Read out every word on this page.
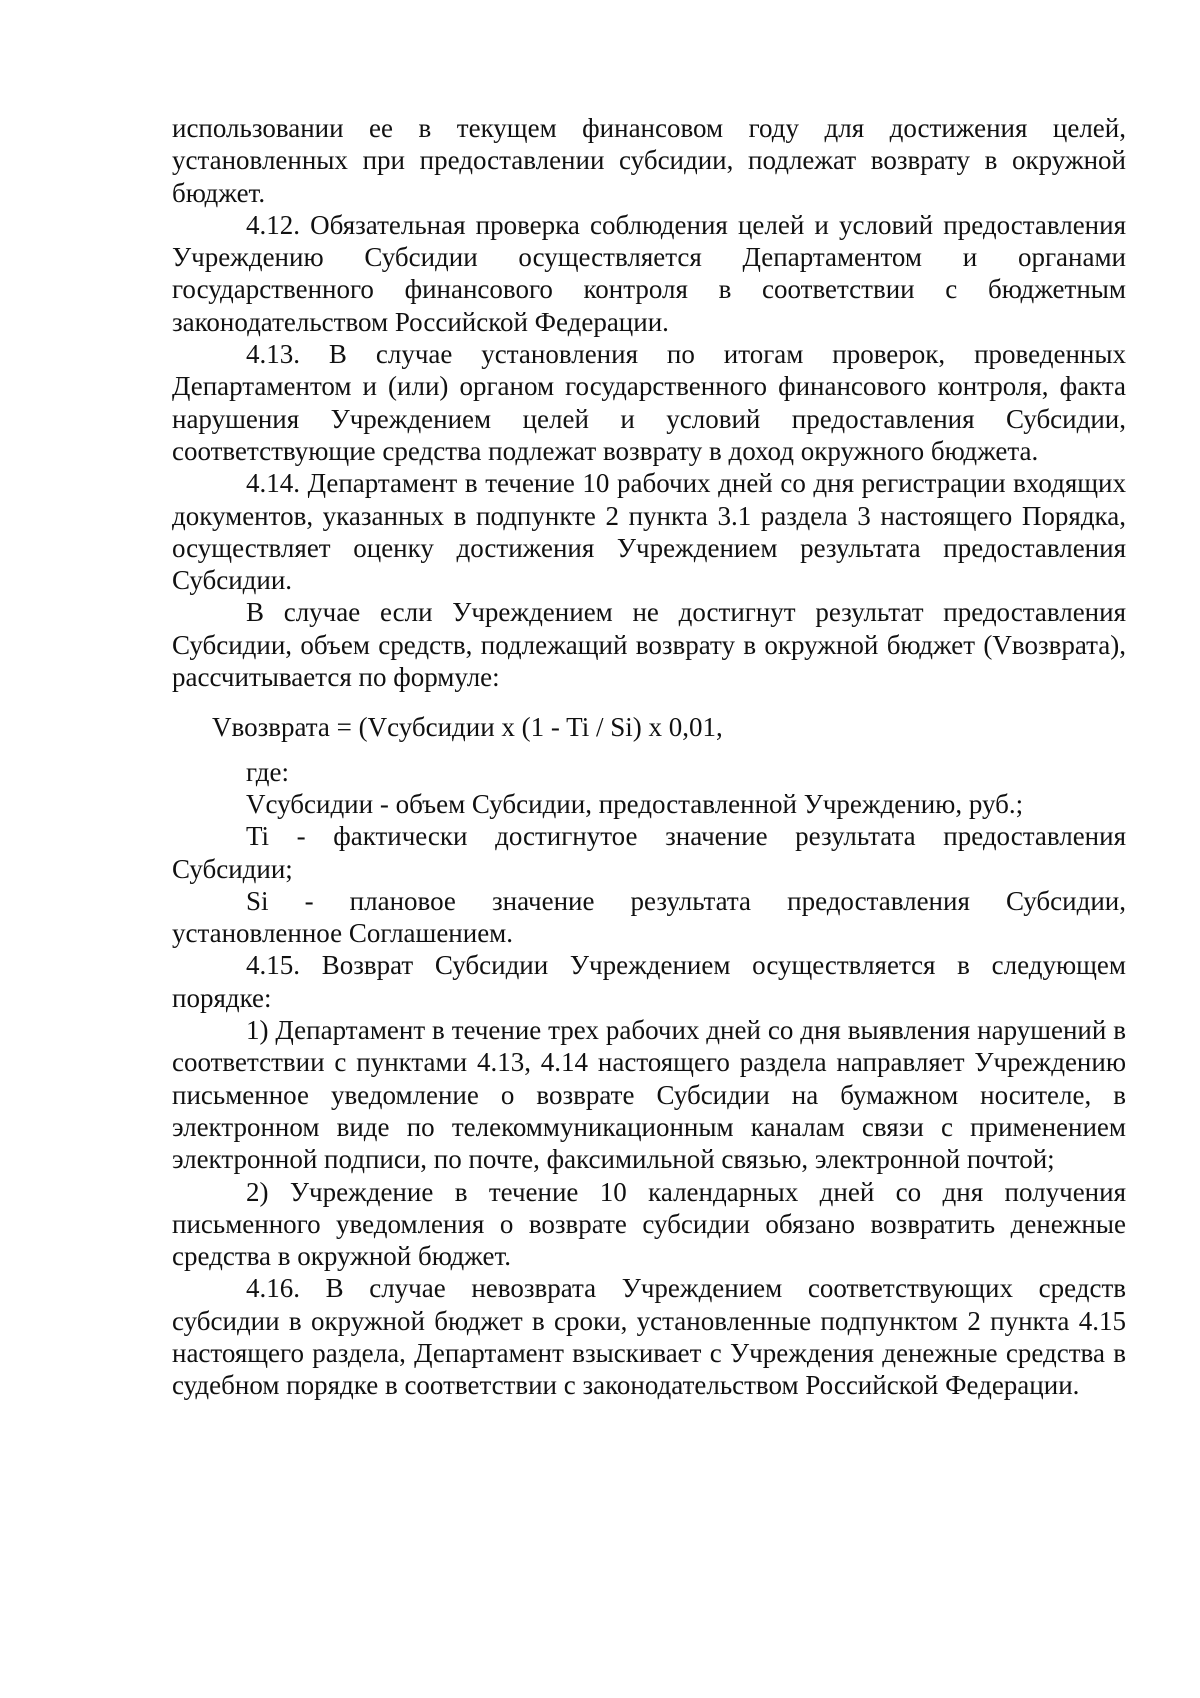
использовании ее в текущем финансовом году для достижения целей, установленных при предоставлении субсидии, подлежат возврату в окружной бюджет.

4.12. Обязательная проверка соблюдения целей и условий предоставления Учреждению Субсидии осуществляется Департаментом и органами государственного финансового контроля в соответствии с бюджетным законодательством Российской Федерации.

4.13. В случае установления по итогам проверок, проведенных Департаментом и (или) органом государственного финансового контроля, факта нарушения Учреждением целей и условий предоставления Субсидии, соответствующие средства подлежат возврату в доход окружного бюджета.

4.14. Департамент в течение 10 рабочих дней со дня регистрации входящих документов, указанных в подпункте 2 пункта 3.1 раздела 3 настоящего Порядка, осуществляет оценку достижения Учреждением результата предоставления Субсидии.

В случае если Учреждением не достигнут результат предоставления Субсидии, объем средств, подлежащий возврату в окружной бюджет (Vвозврата), рассчитывается по формуле:

Vвозврата = (Vсубсидии x (1 - Ti / Si) x 0,01,

где:

Vсубсидии - объем Субсидии, предоставленной Учреждению, руб.;

Ti - фактически достигнутое значение результата предоставления Субсидии;

Si - плановое значение результата предоставления Субсидии, установленное Соглашением.

4.15. Возврат Субсидии Учреждением осуществляется в следующем порядке:

1) Департамент в течение трех рабочих дней со дня выявления нарушений в соответствии с пунктами 4.13, 4.14 настоящего раздела направляет Учреждению письменное уведомление о возврате Субсидии на бумажном носителе, в электронном виде по телекоммуникационным каналам связи с применением электронной подписи, по почте, факсимильной связью, электронной почтой;

2) Учреждение в течение 10 календарных дней со дня получения письменного уведомления о возврате субсидии обязано возвратить денежные средства в окружной бюджет.

4.16. В случае невозврата Учреждением соответствующих средств субсидии в окружной бюджет в сроки, установленные подпунктом 2 пункта 4.15 настоящего раздела, Департамент взыскивает с Учреждения денежные средства в судебном порядке в соответствии с законодательством Российской Федерации.
